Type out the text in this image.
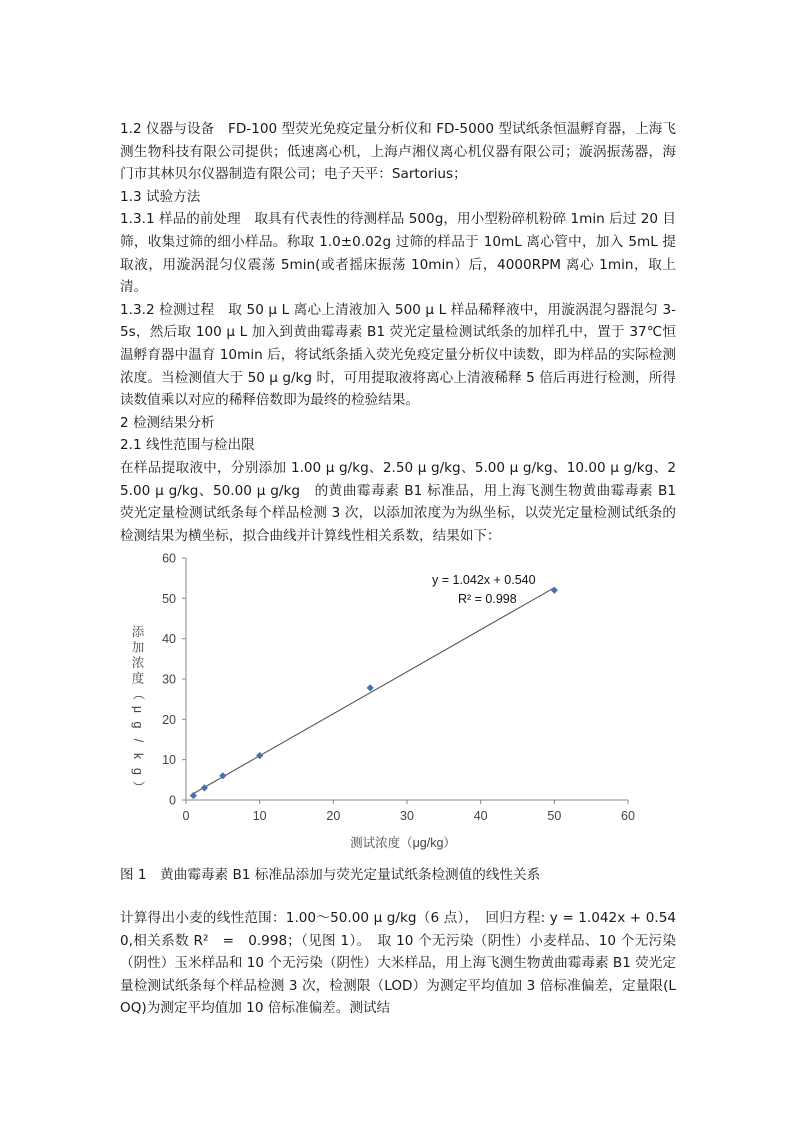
1.2 仪器与设备　FD-100 型荧光免疫定量分析仪和 FD-5000 型试纸条恒温孵育器，上海飞测生物科技有限公司提供；低速离心机，上海卢湘仪离心机仪器有限公司；漩涡振荡器，海门市其林贝尔仪器制造有限公司；电子天平：Sartorius；

1.3 试验方法

1.3.1 样品的前处理　取具有代表性的待测样品 500g，用小型粉碎机粉碎 1min 后过 20 目筛，收集过筛的细小样品。称取 1.0±0.02g 过筛的样品于 10mL 离心管中，加入 5mL 提取液，用漩涡混匀仪震荡 5min(或者摇床振荡 10min）后，4000RPM 离心 1min，取上清。

1.3.2 检测过程　取 50 μ L 离心上清液加入 500 μ L 样品稀释液中，用漩涡混匀器混匀 3-5s，然后取 100 μ L 加入到黄曲霉毒素 B1 荧光定量检测试纸条的加样孔中，置于 37℃恒温孵育器中温育 10min 后，将试纸条插入荧光免疫定量分析仪中读数，即为样品的实际检测浓度。当检测值大于 50 μ g/kg 时，可用提取液将离心上清液稀释 5 倍后再进行检测，所得读数值乘以对应的稀释倍数即为最终的检验结果。

2 检测结果分析

2.1 线性范围与检出限

在样品提取液中，分别添加 1.00 μ g/kg、2.50 μ g/kg、5.00 μ g/kg、10.00 μ g/kg、25.00 μ g/kg、50.00 μ g/kg　的黄曲霉毒素 B1 标准品，用上海飞测生物黄曲霉毒素 B1 荧光定量检测试纸条每个样品检测 3 次，以添加浓度为为纵坐标，以荧光定量检测试纸条的检测结果为横坐标，拟合曲线并计算线性相关系数，结果如下：

0	10	20	30	40	50	60
0
10
20
30
40
50
60
y = 1.042x + 0.540
R² = 0.998
测试浓度（μg/kg）
添
加
浓
度
（
μ
g
/
k
g
）
图 1　黄曲霉毒素 B1 标准品添加与荧光定量试纸条检测值的线性关系

计算得出小麦的线性范围：1.00～50.00 μ g/kg（6 点），　回归方程: y = 1.042x + 0.540,相关系数 R²　=　0.998；（见图 1）。　取 10 个无污染（阴性）小麦样品、10 个无污染（阴性）玉米样品和 10 个无污染（阴性）大米样品，用上海飞测生物黄曲霉毒素 B1 荧光定量检测试纸条每个样品检测 3 次，检测限（LOD）为测定平均值加 3 倍标准偏差，定量限(LOQ)为测定平均值加 10 倍标准偏差。测试结
